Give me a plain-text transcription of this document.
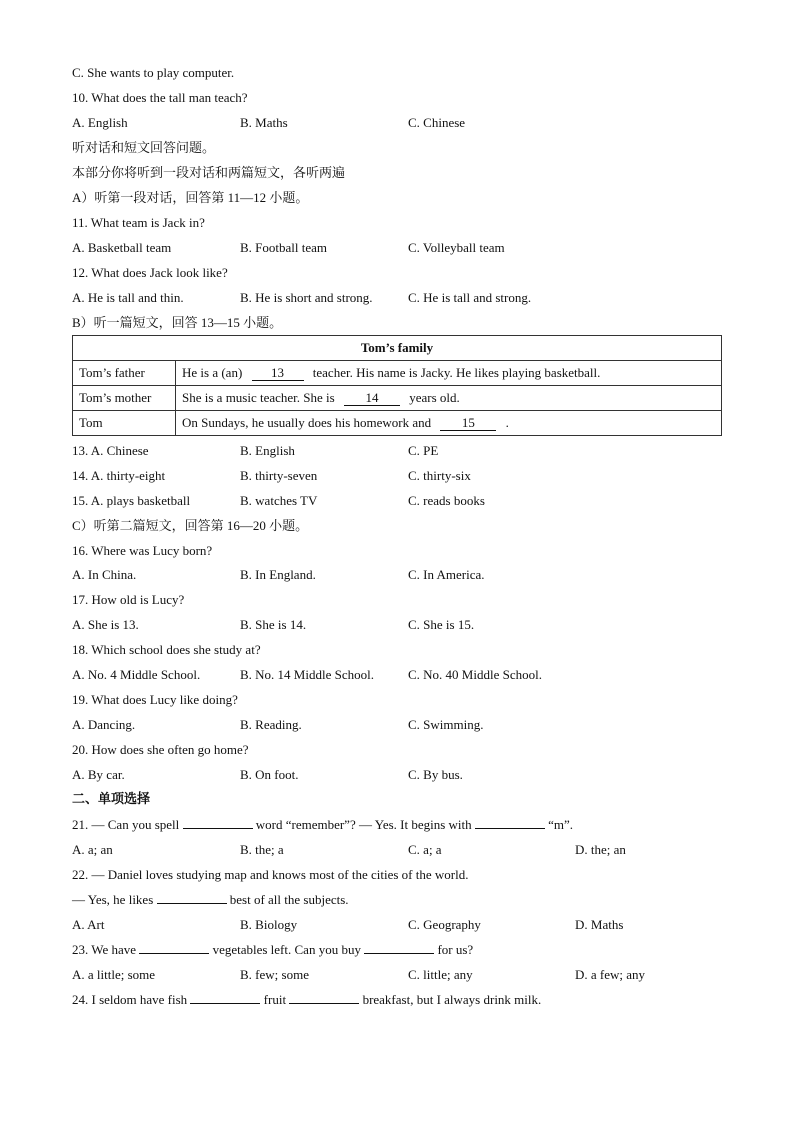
C. She wants to play computer.
10. What does the tall man teach?
A. English	B. Maths	C. Chinese
听对话和短文回答问题。
本部分你将听到一段对话和两篇短文，各听两遍
A）听第一段对话，回答第 11—12 小题。
11. What team is Jack in?
A. Basketball team	B. Football team	C. Volleyball team
12. What does Jack look like?
A. He is tall and thin.	B. He is short and strong.	C. He is tall and strong.
B）听一篇短文，回答 13—15 小题。
Tom’s family	
Tom’s father	He is a (an) 13 teacher. His name is Jacky. He likes playing basketball.
Tom’s mother	She is a music teacher. She is 14 years old.
Tom	On Sundays, he usually does his homework and 15 .
13. A. Chinese	B. English	C. PE
14. A. thirty-eight	B. thirty-seven	C. thirty-six
15. A. plays basketball	B. watches TV	C. reads books
C）听第二篇短文，回答第 16—20 小题。
16. Where was Lucy born?
A. In China.	B. In England.	C. In America.
17. How old is Lucy?
A. She is 13.	B. She is 14.	C. She is 15.
18. Which school does she study at?
A. No. 4 Middle School.	B. No. 14 Middle School.	C. No. 40 Middle School.
19. What does Lucy like doing?
A. Dancing.	B. Reading.	C. Swimming.
20. How does she often go home?
A. By car.	B. On foot.	C. By bus.
二、单项选择
21. — Can you spell	word “remember”? — Yes. It begins with	“m”.
A. a; an	B. the; a	C. a; a	D. the; an
22. — Daniel loves studying map and knows most of the cities of the world.
— Yes, he likes	best of all the subjects.
A. Art	B. Biology	C. Geography	D. Maths
23. We have	vegetables left. Can you buy	for us?
A. a little; some	B. few; some	C. little; any	D. a few; any
24. I seldom have fish	fruit	breakfast, but I always drink milk.
